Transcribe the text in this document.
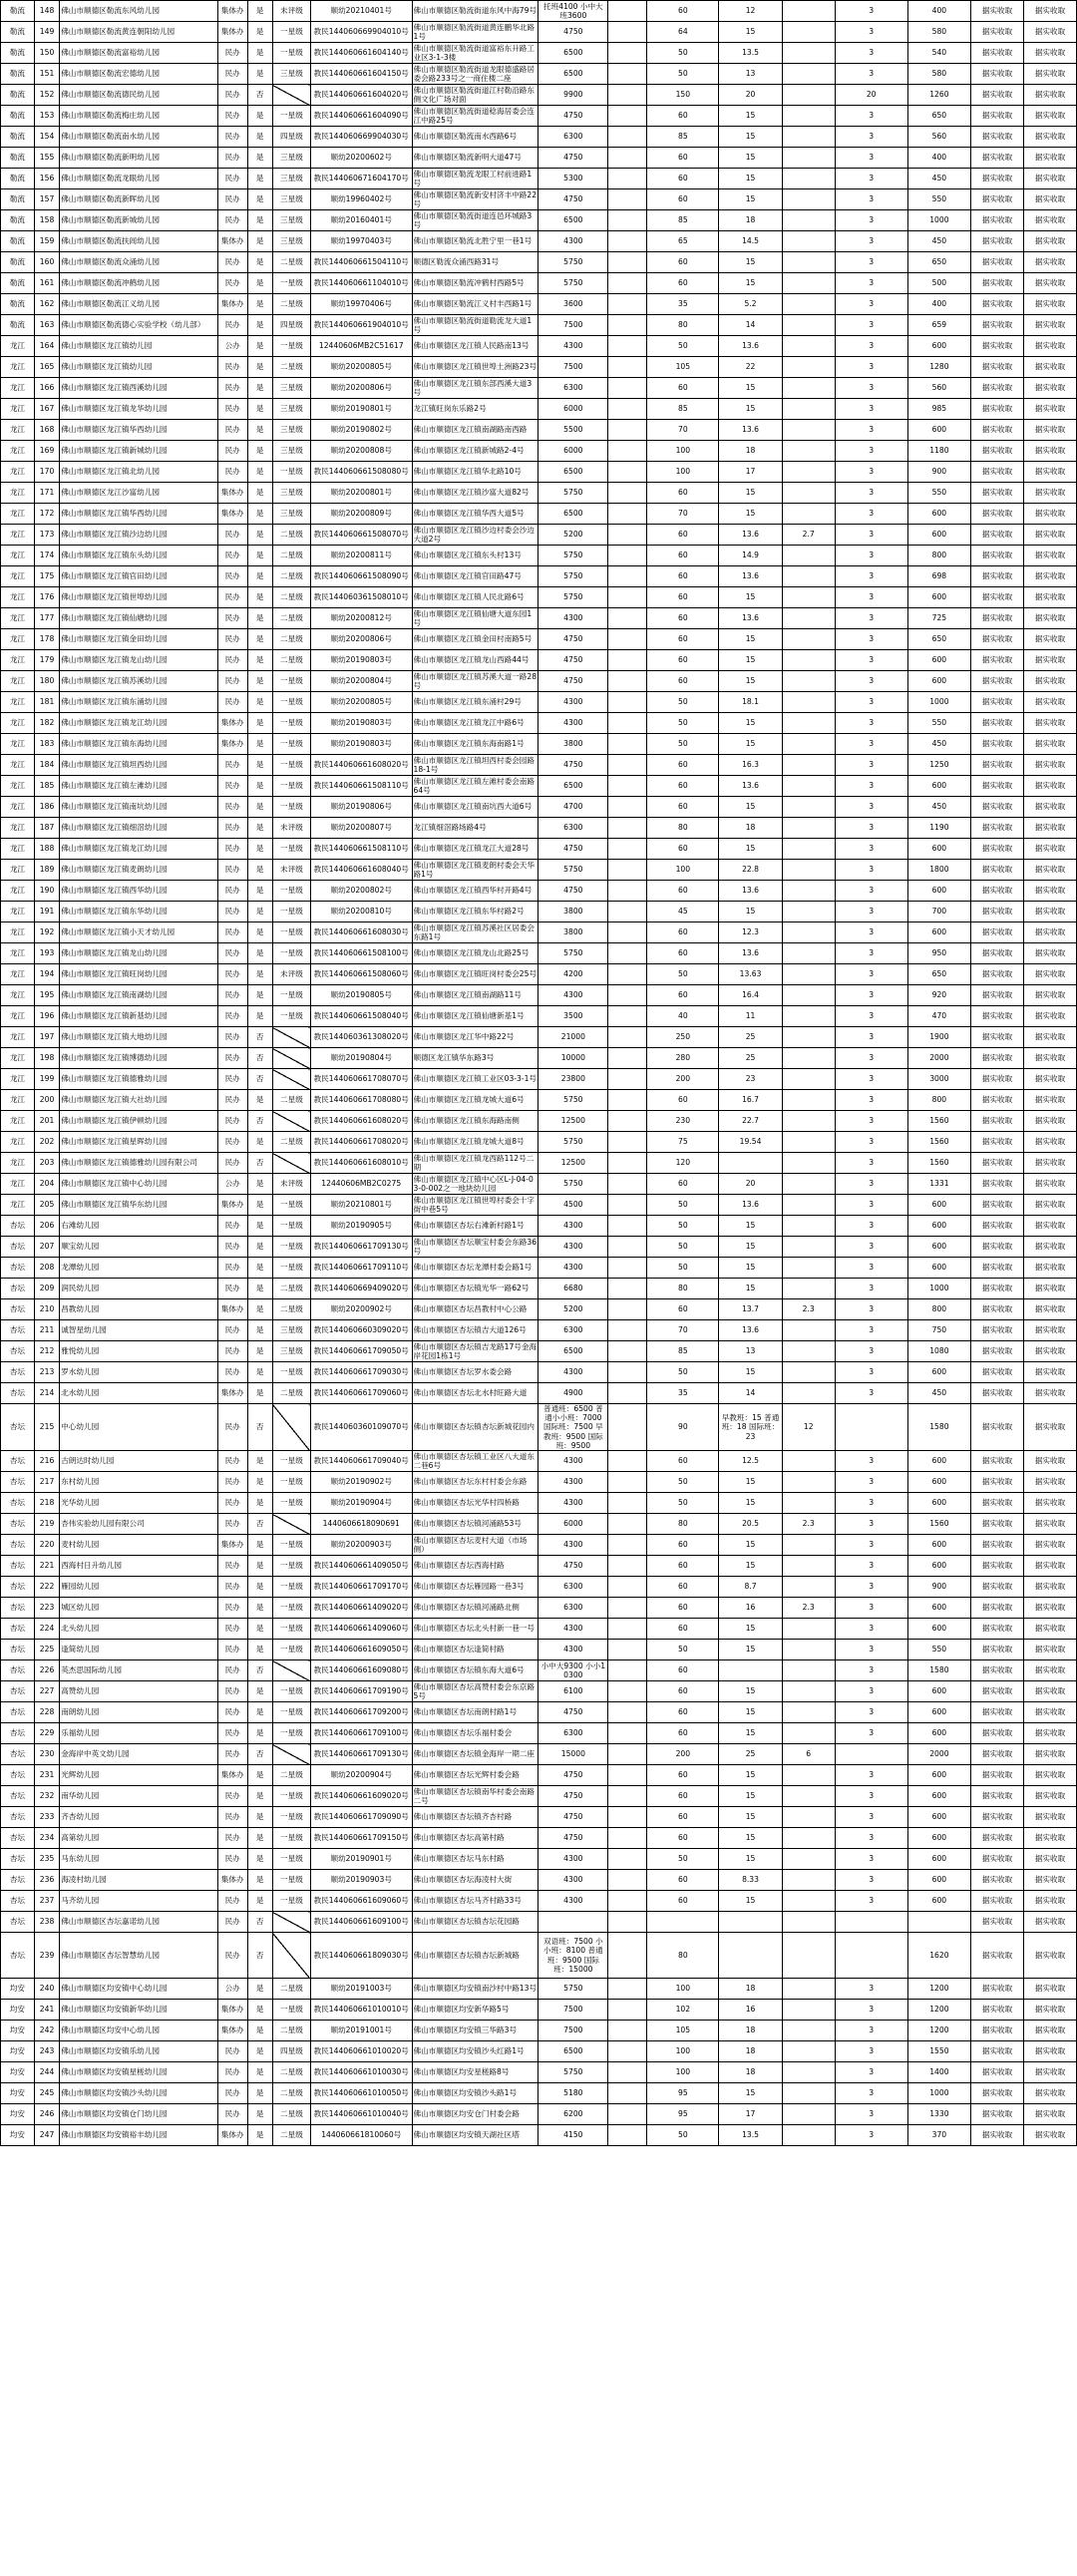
勒流	148	佛山市顺德区勒流东风幼儿园	集体办	是	未评级	顺幼20210401号	佛山市顺德区勒流街道东风中海79号	托班4100 小中大班3600		60	12		3	400	据实收取	据实收取
勒流	149	佛山市顺德区勒流黄连朝阳幼儿园	集体办	是	一星级	教民144060669904010号	佛山市顺德区勒流街道黄连鹏华北路1号	4750		64	15		3	580	据实收取	据实收取
勒流	150	佛山市顺德区勒流富裕幼儿园	民办	是	一星级	教民144060661604140号	佛山市顺德区勒流街道富裕东升路工业区3-1-3楼	6500		50	13.5		3	540	据实收取	据实收取
勒流	151	佛山市顺德区勒流宏德幼儿园	民办	是	三星级	教民144060661604150号	佛山市顺德区勒流街道龙眼德盛路居委会路233号之一商住楼二座	6500		50	13		3	580	据实收取	据实收取
勒流	152	佛山市顺德区勒流德民幼儿园	民办	否		教民144060661604020号	佛山市顺德区勒流街道江村勒沿路东侧文化广场对面	9900		150	20		20	1260	据实收取	据实收取
勒流	153	佛山市顺德区勒流梅庄幼儿园	民办	是	一星级	教民144060661604090号	佛山市顺德区勒流街道稔海居委会连江中路25号	4750		60	15		3	650	据实收取	据实收取
勒流	154	佛山市顺德区勒流南水幼儿园	民办	是	四星级	教民144060669904030号	佛山市顺德区勒流南水西路6号	6300		85	15		3	560	据实收取	据实收取
勒流	155	佛山市顺德区勒流新明幼儿园	民办	是	三星级	顺幼20200602号	佛山市顺德区勒流新明大道47号	4750		60	15		3	400	据实收取	据实收取
勒流	156	佛山市顺德区勒流龙眼幼儿园	民办	是	三星级	教民144060671604170号	佛山市顺德区勒流龙眼工村前进路1号	5300		60	15		3	450	据实收取	据实收取
勒流	157	佛山市顺德区勒流新晖幼儿园	民办	是	三星级	顺幼19960402号	佛山市顺德区勒流新安村济丰中路22号	4750		60	15		3	550	据实收取	据实收取
勒流	158	佛山市顺德区勒流新城幼儿园	民办	是	三星级	顺幼20160401号	佛山市顺德区勒流街道连邑环城路3号	6500		85	18		3	1000	据实收取	据实收取
勒流	159	佛山市顺德区勒流扶闾幼儿园	集体办	是	三星级	顺幼19970403号	佛山市顺德区勒流北胜宁里一巷1号	4300		65	14.5		3	450	据实收取	据实收取
勒流	160	佛山市顺德区勒流众涌幼儿园	民办	是	二星级	教民144060661504110号	顺德区勒流众涌西路31号	5750		60	15		3	650	据实收取	据实收取
勒流	161	佛山市顺德区勒流冲鹤幼儿园	民办	是	一星级	教民144060661104010号	佛山市顺德区勒流冲鹤村西路5号	5750		60	15		3	500	据实收取	据实收取
勒流	162	佛山市顺德区勒流江义幼儿园	集体办	是	二星级	顺幼19970406号	佛山市顺德区勒流江义村丰西路1号	3600		35	5.2		3	400	据实收取	据实收取
勒流	163	佛山市顺德区勒流德心实验学校（幼儿部）	民办	是	四星级	教民144060661904010号	佛山市顺德区勒流街道勒流龙大道1号	7500		80	14		3	659	据实收取	据实收取
龙江	164	佛山市顺德区龙江镇幼儿园	公办	是	一星级	12440606MB2C51617	佛山市顺德区龙江镇人民路南13号	4300		50	13.6		3	600	据实收取	据实收取
龙江	165	佛山市顺德区龙江镇幼儿园	民办	是	二星级	顺幼20200805号	佛山市顺德区龙江镇世埠土洲路23号	7500		105	22		3	1280	据实收取	据实收取
龙江	166	佛山市顺德区龙江镇西溪幼儿园	民办	是	三星级	顺幼20200806号	佛山市顺德区龙江镇东部西溪大道3号	6300		60	15		3	560	据实收取	据实收取
龙江	167	佛山市顺德区龙江镇龙华幼儿园	民办	是	三星级	顺幼20190801号	龙江镇旺岗东乐路2号	6000		85	15		3	985	据实收取	据实收取
龙江	168	佛山市顺德区龙江镇华西幼儿园	民办	是	三星级	顺幼20190802号	佛山市顺德区龙江镇南湖路南西路	5500		70	13.6		3	600	据实收取	据实收取
龙江	169	佛山市顺德区龙江镇新城幼儿园	民办	是	三星级	顺幼20200808号	佛山市顺德区龙江镇新城路2-4号	6000		100	18		3	1180	据实收取	据实收取
龙江	170	佛山市顺德区龙江镇北幼儿园	民办	是	一星级	教民144060661508080号	佛山市顺德区龙江镇华北路10号	6500		100	17		3	900	据实收取	据实收取
龙江	171	佛山市顺德区龙江沙富幼儿园	集体办	是	三星级	顺幼20200801号	佛山市顺德区龙江镇沙富大道82号	5750		60	15		3	550	据实收取	据实收取
龙江	172	佛山市顺德区龙江镇华西幼儿园	集体办	是	三星级	顺幼20200809号	佛山市顺德区龙江镇华西大道5号	6500		70	15		3	600	据实收取	据实收取
龙江	173	佛山市顺德区龙江镇沙边幼儿园	民办	是	二星级	教民144060661508070号	佛山市顺德区龙江镇沙边村委会沙边大道2号	5200		60	13.6	2.7	3	600	据实收取	据实收取
龙江	174	佛山市顺德区龙江镇东头幼儿园	民办	是	二星级	顺幼20200811号	佛山市顺德区龙江镇东头村13号	5750		60	14.9		3	800	据实收取	据实收取
龙江	175	佛山市顺德区龙江镇官田幼儿园	民办	是	二星级	教民144060661508090号	佛山市顺德区龙江镇官田路47号	5750		60	13.6		3	698	据实收取	据实收取
龙江	176	佛山市顺德区龙江镇世埠幼儿园	民办	是	二星级	教民144060361508010号	佛山市顺德区龙江镇人民北路6号	5750		60	15		3	600	据实收取	据实收取
龙江	177	佛山市顺德区龙江镇仙塘幼儿园	民办	是	二星级	顺幼20200812号	佛山市顺德区龙江镇仙塘大道东园1号	4300		60	13.6		3	725	据实收取	据实收取
龙江	178	佛山市顺德区龙江镇金田幼儿园	民办	是	二星级	顺幼20200806号	佛山市顺德区龙江镇金田村南路5号	4750		60	15		3	650	据实收取	据实收取
龙江	179	佛山市顺德区龙江镇龙山幼儿园	民办	是	二星级	顺幼20190803号	佛山市顺德区龙江镇龙山西路44号	4750		60	15		3	600	据实收取	据实收取
龙江	180	佛山市顺德区龙江镇苏溪幼儿园	民办	是	一星级	顺幼20200804号	佛山市顺德区龙江镇苏溪大道一路28号	4750		60	15		3	600	据实收取	据实收取
龙江	181	佛山市顺德区龙江镇东涌幼儿园	民办	是	一星级	顺幼20200805号	佛山市顺德区龙江镇东涌村29号	4300		50	18.1		3	1000	据实收取	据实收取
龙江	182	佛山市顺德区龙江镇龙江幼儿园	集体办	是	一星级	顺幼20190803号	佛山市顺德区龙江镇龙江中路6号	4300		50	15		3	550	据实收取	据实收取
龙江	183	佛山市顺德区龙江镇东海幼儿园	集体办	是	一星级	顺幼20190803号	佛山市顺德区龙江镇东海南路1号	3800		50	15		3	450	据实收取	据实收取
龙江	184	佛山市顺德区龙江镇坦西幼儿园	民办	是	一星级	教民144060661608020号	佛山市顺德区龙江镇坦西村委会园路18-1号	4750		60	16.3		3	1250	据实收取	据实收取
龙江	185	佛山市顺德区龙江镇左滩幼儿园	民办	是	一星级	教民144060661508110号	佛山市顺德区龙江镇左滩村委会南路64号	6500		60	13.6		3	600	据实收取	据实收取
龙江	186	佛山市顺德区龙江镇南坑幼儿园	民办	是	一星级	顺幼20190806号	佛山市顺德区龙江镇南坑西大道6号	4700		60	15		3	450	据实收取	据实收取
龙江	187	佛山市顺德区龙江镇细滘幼儿园	民办	是	未评级	顺幼20200807号	龙江镇细滘路场路4号	6300		80	18		3	1190	据实收取	据实收取
龙江	188	佛山市顺德区龙江镇龙江幼儿园	民办	是	一星级	教民144060661508110号	佛山市顺德区龙江镇龙江大道28号	4750		60	15		3	600	据实收取	据实收取
龙江	189	佛山市顺德区龙江镇麦朗幼儿园	民办	是	未评级	教民144060661608040号	佛山市顺德区龙江镇麦朗村委会天华路1号	5750		100	22.8		3	1800	据实收取	据实收取
龙江	190	佛山市顺德区龙江镇西华幼儿园	民办	是	一星级	顺幼20200802号	佛山市顺德区龙江镇西华村开路4号	4750		60	13.6		3	600	据实收取	据实收取
龙江	191	佛山市顺德区龙江镇东华幼儿园	民办	是	一星级	顺幼20200810号	佛山市顺德区龙江镇东华村路2号	3800		45	15		3	700	据实收取	据实收取
龙江	192	佛山市顺德区龙江镇小天才幼儿园	民办	是	一星级	教民144060661608030号	佛山市顺德区龙江镇苏溪社区居委会东路1号	3800		60	12.3		3	600	据实收取	据实收取
龙江	193	佛山市顺德区龙江镇龙山幼儿园	民办	是	一星级	教民144060661508100号	佛山市顺德区龙江镇龙山北路25号	5750		60	13.6		3	950	据实收取	据实收取
龙江	194	佛山市顺德区龙江镇旺岗幼儿园	民办	是	未评级	教民144060661508060号	佛山市顺德区龙江镇旺岗村委会25号	4200		50	13.63		3	650	据实收取	据实收取
龙江	195	佛山市顺德区龙江镇南湖幼儿园	民办	是	一星级	顺幼20190805号	佛山市顺德区龙江镇南湖路11号	4300		60	16.4		3	920	据实收取	据实收取
龙江	196	佛山市顺德区龙江镇新基幼儿园	民办	是	一星级	教民144060661508040号	佛山市顺德区龙江镇仙塘新基1号	3500		40	11		3	470	据实收取	据实收取
龙江	197	佛山市顺德区龙江镇大地幼儿园	民办	否		教民144060361308020号	佛山市顺德区龙江华中路22号	21000		250	25		3	1900	据实收取	据实收取
龙江	198	佛山市顺德区龙江镇博德幼儿园	民办	否		顺幼20190804号	顺德区龙江镇华东路3号	10000		280	25		3	2000	据实收取	据实收取
龙江	199	佛山市顺德区龙江镇德雅幼儿园	民办	否		教民144060661708070号	佛山市顺德区龙江镇工业区03-3-1号	23800		200	23		3	3000	据实收取	据实收取
龙江	200	佛山市顺德区龙江镇大社幼儿园	民办	是	二星级	教民144060661708080号	佛山市顺德区龙江镇龙城大道6号	5750		60	16.7		3	800	据实收取	据实收取
龙江	201	佛山市顺德区龙江镇伊顿幼儿园	民办	否		教民144060661608020号	佛山市顺德区龙江镇东海路南侧	12500		230	22.7		3	1560	据实收取	据实收取
龙江	202	佛山市顺德区龙江镇星晖幼儿园	民办	是	二星级	教民144060661708020号	佛山市顺德区龙江镇龙城大道8号	5750		75	19.54		3	1560	据实收取	据实收取
龙江	203	佛山市顺德区龙江镇德雅幼儿园有限公司	民办	否		教民144060661608010号	佛山市顺德区龙江镇龙西路112号二期	12500		120			3	1560	据实收取	据实收取
龙江	204	佛山市顺德区龙江镇中心幼儿园	公办	是	未评级	12440606MB2C0275	佛山市顺德区龙江镇中心区L-J-04-03-0-002之一地块幼儿园	5750		60	20		3	1331	据实收取	据实收取
龙江	205	佛山市顺德区龙江镇华东幼儿园	集体办	是	一星级	顺幼20210801号	佛山市顺德区龙江镇世埠村委会十字街中巷5号	4500		50	13.6		3	600	据实收取	据实收取
杏坛	206	右滩幼儿园	民办	是	一星级	顺幼20190905号	佛山市顺德区杏坛右滩新村路1号	4300		50	15		3	600	据实收取	据实收取
杏坛	207	顺宝幼儿园	民办	是	一星级	教民144060661709130号	佛山市顺德区杏坛顺宝村委会东路36号	4300		50	15		3	600	据实收取	据实收取
杏坛	208	龙潭幼儿园	民办	是	一星级	教民144060661709110号	佛山市顺德区杏坛龙潭村委会路1号	4300		50	15		3	600	据实收取	据实收取
杏坛	209	润民幼儿园	民办	是	二星级	教民144060669409020号	佛山市顺德区杏坛镇光华一路62号	6680		80	15		3	1000	据实收取	据实收取
杏坛	210	昌教幼儿园	集体办	是	二星级	顺幼20200902号	佛山市顺德区杏坛昌教村中心公路	5200		60	13.7	2.3	3	800	据实收取	据实收取
杏坛	211	诚智星幼儿园	民办	是	三星级	教民144060660309020号	佛山市顺德区杏坛镇吉大道126号	6300		70	13.6		3	750	据实收取	据实收取
杏坛	212	雅悦幼儿园	民办	是	三星级	教民144060661709050号	佛山市顺德区杏坛镇吉龙路17号金海岸花园1栋1号	6500		85	13		3	1080	据实收取	据实收取
杏坛	213	罗水幼儿园	民办	是	一星级	教民144060661709030号	佛山市顺德区杏坛罗水委会路	4300		50	15		3	600	据实收取	据实收取
杏坛	214	北水幼儿园	集体办	是	二星级	教民144060661709060号	佛山市顺德区杏坛北水村旺路大道	4900		35	14		3	450	据实收取	据实收取
杏坛	215	中心幼儿园	民办	否		教民144060360109070号	佛山市顺德区杏坛镇杏坛新城花园内	普通班：6500 普通小小班：7000 国际班：7500 早教班：9500 国际班：9500		90	早教班：15 普通班：18 国际班：23	12		1580	据实收取	据实收取
杏坛	216	古朗达时幼儿园	民办	是	一星级	教民144060661709040号	佛山市顺德区杏坛镇工业区八大道东二巷6号	4300		60	12.5		3	600	据实收取	据实收取
杏坛	217	东村幼儿园	民办	是	一星级	顺幼20190902号	佛山市顺德区杏坛东村村委会东路	4300		50	15		3	600	据实收取	据实收取
杏坛	218	光华幼儿园	民办	是	一星级	顺幼20190904号	佛山市顺德区杏坛光华村四桥路	4300		50	15		3	600	据实收取	据实收取
杏坛	219	杏伟实验幼儿园有限公司	民办	否		1440606618090691	佛山市顺德区杏坛镇河涌路53号	6000		80	20.5	2.3	3	1560	据实收取	据实收取
杏坛	220	麦村幼儿园	集体办	是	一星级	顺幼20200903号	佛山市顺德区杏坛麦村大道（市场侧）	4300		60	15		3	600	据实收取	据实收取
杏坛	221	西海村日升幼儿园	民办	是	一星级	教民144060661409050号	佛山市顺德区杏坛西海村路	4750		60	15		3	600	据实收取	据实收取
杏坛	222	雁园幼儿园	民办	是	一星级	教民144060661709170号	佛山市顺德区杏坛雁园路一巷3号	6300		60	8.7		3	900	据实收取	据实收取
杏坛	223	城区幼儿园	民办	是	一星级	教民144060661409020号	佛山市顺德区杏坛镇河涌路北侧	6300		60	16	2.3	3	600	据实收取	据实收取
杏坛	224	北头幼儿园	民办	是	一星级	教民144060661409060号	佛山市顺德区杏坛北头村新一巷一号	4300		60	15		3	600	据实收取	据实收取
杏坛	225	逢简幼儿园	民办	是	一星级	教民144060661609050号	佛山市顺德区杏坛逢简村路	4300		50	15		3	550	据实收取	据实收取
杏坛	226	英杰思国际幼儿园	民办	否		教民144060661609080号	佛山市顺德区杏坛镇东海大道6号	小中大9300 小小10300		60			3	1580	据实收取	据实收取
杏坛	227	高赞幼儿园	民办	是	一星级	教民144060661709190号	佛山市顺德区杏坛高赞村委会东京路5号	6100		60	15		3	600	据实收取	据实收取
杏坛	228	南朗幼儿园	民办	是	一星级	教民144060661709200号	佛山市顺德区杏坛南朗村路1号	4750		60	15		3	600	据实收取	据实收取
杏坛	229	乐福幼儿园	民办	是	一星级	教民144060661709100号	佛山市顺德区杏坛乐福村委会	6300		60	15		3	600	据实收取	据实收取
杏坛	230	金海岸中英文幼儿园	民办	否		教民144060661709130号	佛山市顺德区杏坛镇金海岸一期二座	15000		200	25	6		2000	据实收取	据实收取
杏坛	231	光辉幼儿园	集体办	是	二星级	顺幼20200904号	佛山市顺德区杏坛光辉村委会路	4750		60	15		3	600	据实收取	据实收取
杏坛	232	南华幼儿园	民办	是	一星级	教民144060661609020号	佛山市顺德区杏坛镇南华村委会南路二号	4750		60	15		3	600	据实收取	据实收取
杏坛	233	齐杏幼儿园	民办	是	一星级	教民144060661709090号	佛山市顺德区杏坛镇齐杏村路	4750		60	15		3	600	据实收取	据实收取
杏坛	234	高第幼儿园	民办	是	一星级	教民144060661709150号	佛山市顺德区杏坛高第村路	4750		60	15		3	600	据实收取	据实收取
杏坛	235	马东幼儿园	民办	是	一星级	顺幼20190901号	佛山市顺德区杏坛马东村路	4300		50	15		3	600	据实收取	据实收取
杏坛	236	海凌村幼儿园	集体办	是	一星级	顺幼20190903号	佛山市顺德区杏坛海凌村大街	4300		60	8.33		3	600	据实收取	据实收取
杏坛	237	马齐幼儿园	民办	是	一星级	教民144060661609060号	佛山市顺德区杏坛马齐村路33号	4300		60	15		3	600	据实收取	据实收取
杏坛	238	佛山市顺德区杏坛嘉诺幼儿园	民办	否		教民144060661609100号	佛山市顺德区杏坛镇杏坛花园路								据实收取	据实收取
杏坛	239	佛山市顺德区杏坛智慧幼儿园	民办	否		教民144060661809030号	佛山市顺德区杏坛镇杏坛新城路	双语班：7500 小小班：8100 普通班：9500 国际班：15000		80				1620	据实收取	据实收取
均安	240	佛山市顺德区均安镇中心幼儿园	公办	是	二星级	顺幼20191003号	佛山市顺德区均安镇南沙村中路13号	5750		100	18		3	1200	据实收取	据实收取
均安	241	佛山市顺德区均安镇新华幼儿园	集体办	是	一星级	教民144060661010010号	佛山市顺德区均安新华路5号	7500		102	16		3	1200	据实收取	据实收取
均安	242	佛山市顺德区均安中心幼儿园	集体办	是	二星级	顺幼20191001号	佛山市顺德区均安镇三华路3号	7500		105	18		3	1200	据实收取	据实收取
均安	243	佛山市顺德区均安镇乐幼儿园	民办	是	四星级	教民144060661010020号	佛山市顺德区均安镇沙头红路1号	6500		100	18		3	1550	据实收取	据实收取
均安	244	佛山市顺德区均安镇星槎幼儿园	民办	是	二星级	教民144060661010030号	佛山市顺德区均安星槎路8号	5750		100	18		3	1400	据实收取	据实收取
均安	245	佛山市顺德区均安镇沙头幼儿园	民办	是	二星级	教民144060661010050号	佛山市顺德区均安镇沙头路1号	5180		95	15		3	1000	据实收取	据实收取
均安	246	佛山市顺德区均安镇仓门幼儿园	民办	是	二星级	教民144060661010040号	佛山市顺德区均安仓门村委会路	6200		95	17		3	1330	据实收取	据实收取
均安	247	佛山市顺德区均安镇裕丰幼儿园	集体办	是	二星级	144060661810060号	佛山市顺德区均安镇天湖社区塔	4150		50	13.5		3	370	据实收取	据实收取
